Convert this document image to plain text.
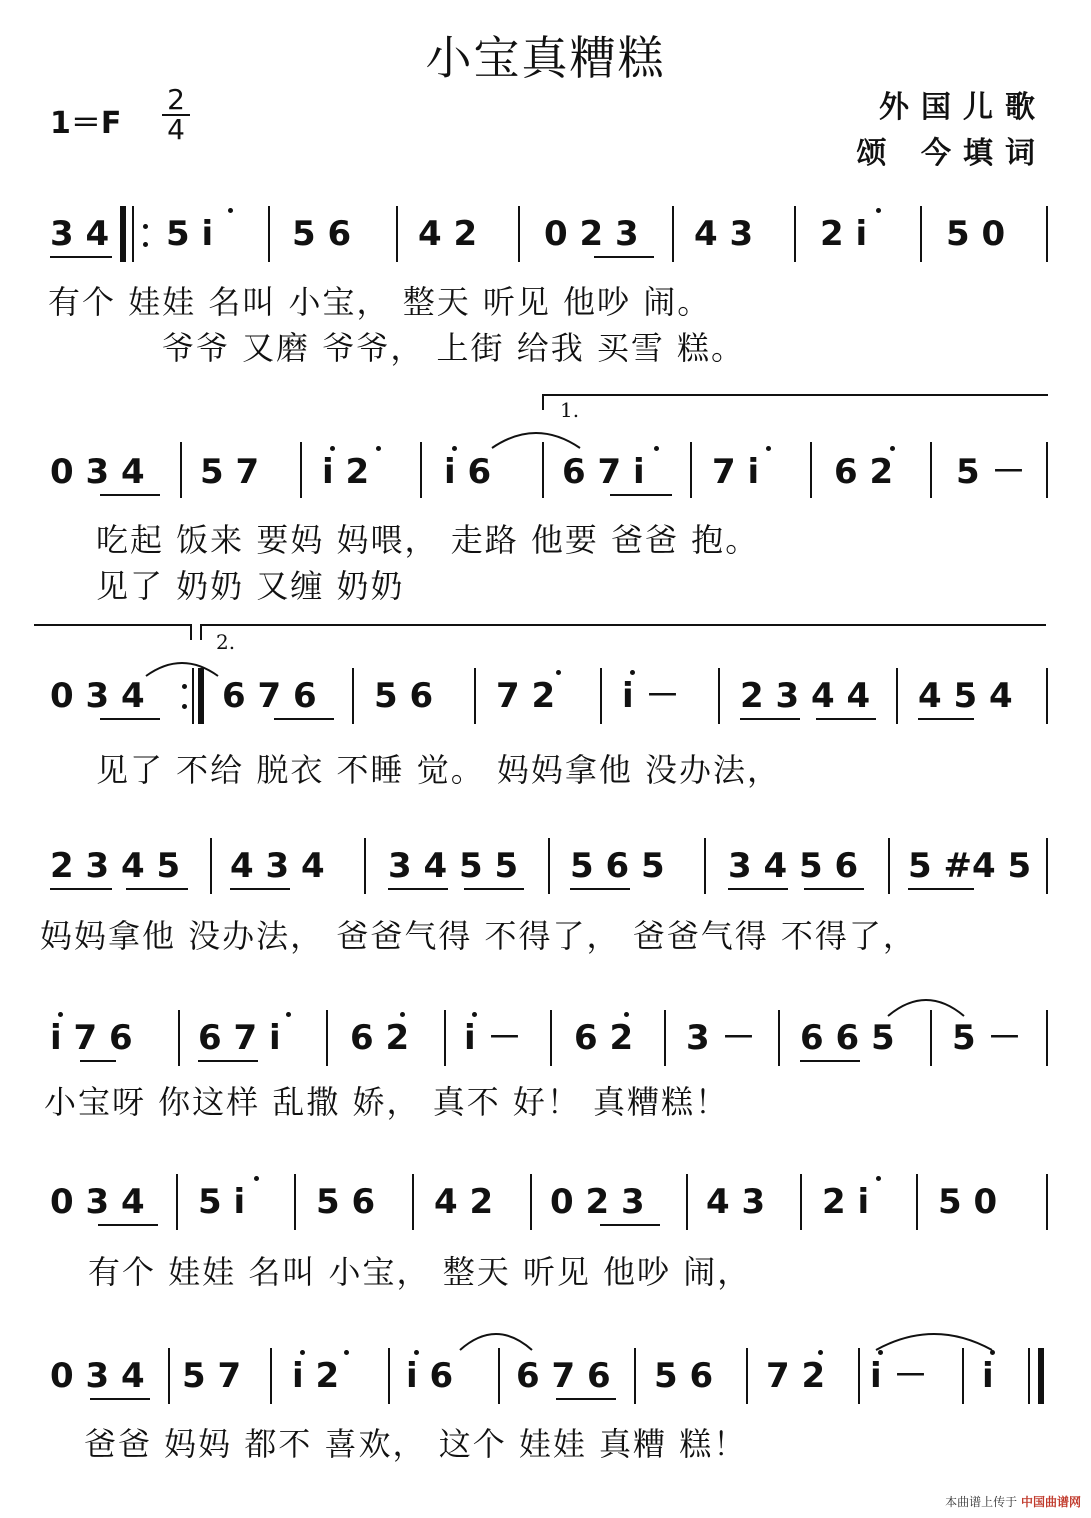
小宝真糟糕
1＝F
2
4
外国儿歌
颂 今填词
3 4 5 i 5 6 4 2 0 2 3 4 3 2 i 5 0
有个 娃娃 名叫 小宝， 整天 听见 他吵 闹。
爷爷 又磨 爷爷， 上街 给我 买雪 糕。
1.
0 3 4 5 7 i 2 i 6 6 7 i 7 i 6 2 5 －
吃起 饭来 要妈 妈喂， 走路 他要 爸爸 抱。
见了 奶奶 又缠 奶奶
2.
0 3 4 6 7 6 5 6 7 2 i － 2 3 4 4 4 5 4
见了 不给 脱衣 不睡 觉。 妈妈拿他 没办法，
2 3 4 5 4 3 4 3 4 5 5 5 6 5 3 4 5 6 5 #4 5
妈妈拿他 没办法， 爸爸气得 不得了， 爸爸气得 不得了，
i 7 6 6 7 i 6 2 i － 6 2 3 － 6 6 5 5 －
小宝呀 你这样 乱撒 娇， 真不 好！ 真糟糕！
0 3 4 5 i 5 6 4 2 0 2 3 4 3 2 i 5 0
有个 娃娃 名叫 小宝， 整天 听见 他吵 闹，
0 3 4 5 7 i 2 i 6 6 7 6 5 6 7 2 i － i
爸爸 妈妈 都不 喜欢， 这个 娃娃 真糟 糕！
本曲谱上传于 中国曲谱网
